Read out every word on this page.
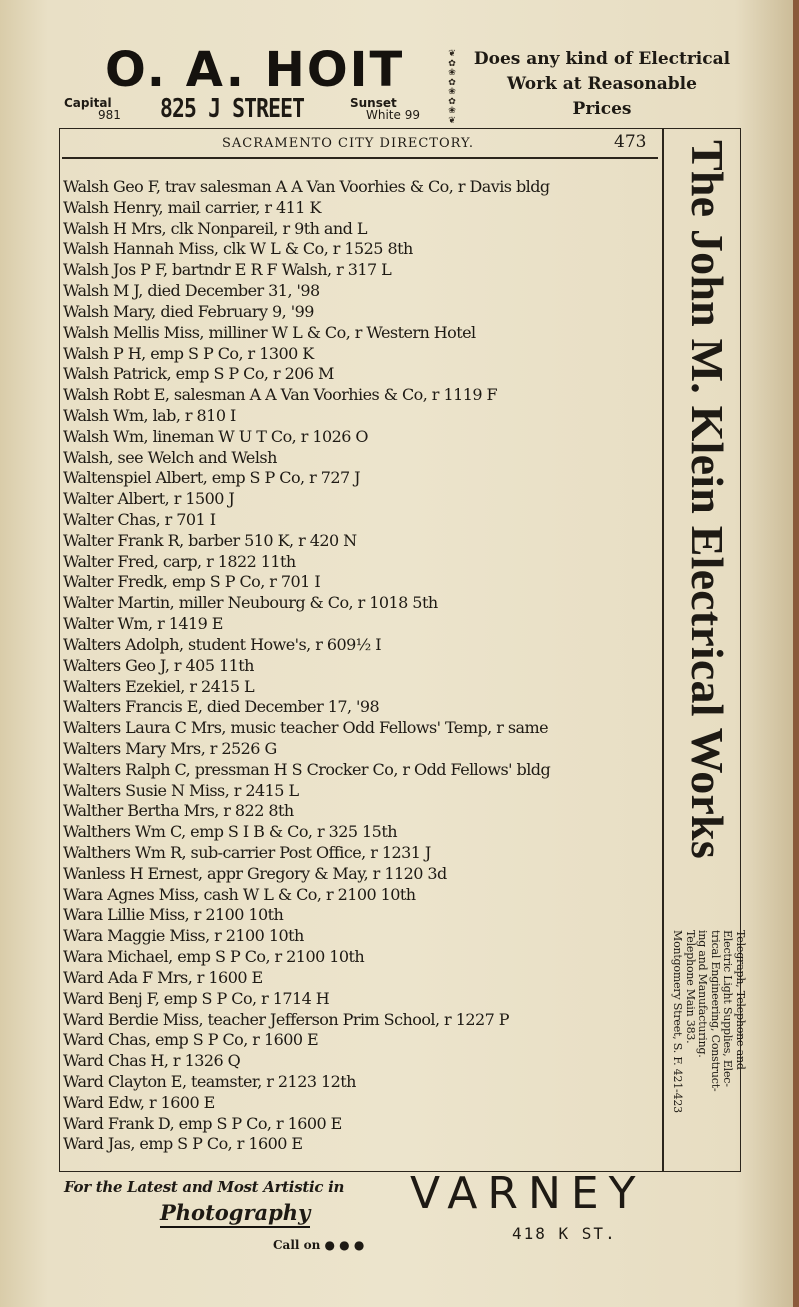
O. A. HOIT
Capital
981 825 J STREET	Sunset
White 99
❦
✿
❀
✿
❀
✿
❀
❦
Does any kind of Electrical
Work at Reasonable
Prices
SACRAMENTO CITY DIRECTORY.	473
Walsh Geo F, trav salesman A A Van Voorhies & Co, r Davis bldg
Walsh Henry, mail carrier, r 411 K
Walsh H Mrs, clk Nonpareil, r 9th and L
Walsh Hannah Miss, clk W L & Co, r 1525 8th
Walsh Jos P F, bartndr E R F Walsh, r 317 L
Walsh M J, died December 31, '98
Walsh Mary, died February 9, '99
Walsh Mellis Miss, milliner W L & Co, r Western Hotel
Walsh P H, emp S P Co, r 1300 K
Walsh Patrick, emp S P Co, r 206 M
Walsh Robt E, salesman A A Van Voorhies & Co, r 1119 F
Walsh Wm, lab, r 810 I
Walsh Wm, lineman W U T Co, r 1026 O
Walsh, see Welch and Welsh
Waltenspiel Albert, emp S P Co, r 727 J
Walter Albert, r 1500 J
Walter Chas, r 701 I
Walter Frank R, barber 510 K, r 420 N
Walter Fred, carp, r 1822 11th
Walter Fredk, emp S P Co, r 701 I
Walter Martin, miller Neubourg & Co, r 1018 5th
Walter Wm, r 1419 E
Walters Adolph, student Howe's, r 609½ I
Walters Geo J, r 405 11th
Walters Ezekiel, r 2415 L
Walters Francis E, died December 17, '98
Walters Laura C Mrs, music teacher Odd Fellows' Temp, r same
Walters Mary Mrs, r 2526 G
Walters Ralph C, pressman H S Crocker Co, r Odd Fellows' bldg
Walters Susie N Miss, r 2415 L
Walther Bertha Mrs, r 822 8th
Walthers Wm C, emp S I B & Co, r 325 15th
Walthers Wm R, sub-carrier Post Office, r 1231 J
Wanless H Ernest, appr Gregory & May, r 1120 3d
Wara Agnes Miss, cash W L & Co, r 2100 10th
Wara Lillie Miss, r 2100 10th
Wara Maggie Miss, r 2100 10th
Wara Michael, emp S P Co, r 2100 10th
Ward Ada F Mrs, r 1600 E
Ward Benj F, emp S P Co, r 1714 H
Ward Berdie Miss, teacher Jefferson Prim School, r 1227 P
Ward Chas, emp S P Co, r 1600 E
Ward Chas H, r 1326 Q
Ward Clayton E, teamster, r 2123 12th
Ward Edw, r 1600 E
Ward Frank D, emp S P Co, r 1600 E
Ward Jas, emp S P Co, r 1600 E
The John M. Klein Electrical Works
Telegraph, Telephone and
Electric Light Supplies, Elec-
trical Engineering, Construct-
ing and Manufacturing.
Telephone Main 383.
Montgomery Street, S. F. 421-423
For the Latest and Most Artistic in
Photography
Call on ● ● ●
VARNEY
418 K ST.
